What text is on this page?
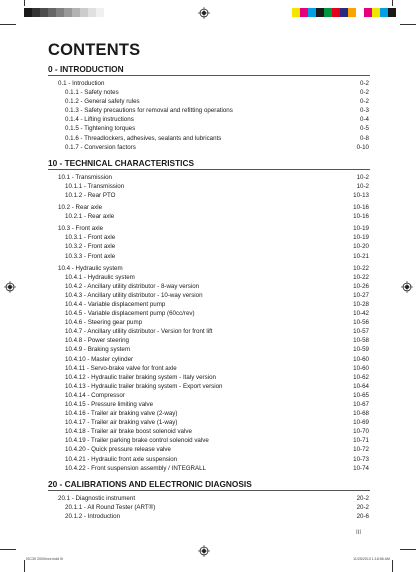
CONTENTS
0 - INTRODUCTION
0.1 - Introduction	0-2
0.1.1 - Safety notes	0-2
0.1.2 - General safety rules	0-2
0.1.3 - Safety precautions for removal and refitting operations	0-3
0.1.4 - Lifting instructions	0-4
0.1.5 - Tightening torques	0-5
0.1.6 - Threadlockers, adhesives, sealants and lubricants	0-8
0.1.7 - Conversion factors	0-10
10 - TECHNICAL CHARACTERISTICS
10.1 - Transmission	10-2
10.1.1 - Transmission	10-2
10.1.2 - Rear PTO	10-13
10.2 - Rear axle	10-16
10.2.1 - Rear axle	10-16
10.3 - Front axle	10-19
10.3.1 - Front axle	10-19
10.3.2 - Front axle	10-20
10.3.3 - Front axle	10-21
10.4 - Hydraulic system	10-22
10.4.1 - Hydraulic system	10-22
10.4.2 - Ancillary utility distributor - 8-way version	10-26
10.4.3 - Ancillary utility distributor - 10-way version	10-27
10.4.4 - Variable displacement pump	10-28
10.4.5 - Variable displacement pump (60cc/rev)	10-42
10.4.6 - Steering gear pump	10-56
10.4.7 - Ancillary utility distributor - Version for front lift	10-57
10.4.8 - Power steering	10-58
10.4.9 - Braking system	10-59
10.4.10 - Master cylinder	10-60
10.4.11 - Servo-brake valve for front axle	10-60
10.4.12 - Hydraulic trailer braking system - Italy version	10-62
10.4.13 - Hydraulic trailer braking system - Export version	10-64
10.4.14 - Compressor	10-65
10.4.15 - Pressure limiting valve	10-67
10.4.16 - Trailer air braking valve (2-way)	10-68
10.4.17 - Trailer air braking valve (1-way)	10-69
10.4.18 - Trailer air brake boost solenoid valve	10-70
10.4.19 - Trailer parking brake control solenoid valve	10-71
10.4.20 - Quick pressure release valve	10-72
10.4.21 - Hydraulic front axle suspension	10-73
10.4.22 - Front suspension assembly / INTEGRALL	10-74
20 - CALIBRATIONS AND ELECTRONIC DIAGNOSIS
20.1 - Diagnostic instrument	20-2
20.1.1 - All Round Tester (ART®)	20-2
20.1.2 - Introduction	20-6
III
ISC30 2000Ixxx.indd III	11/25/2013 1:18:56 AM
